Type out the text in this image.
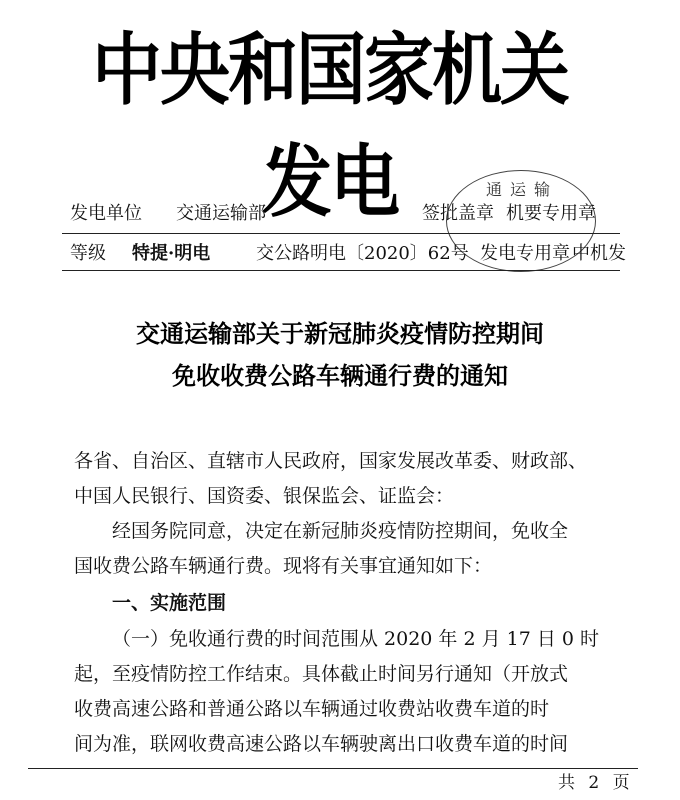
中央和国家机关发电	通运输
发电单位 交通运输部	签批盖章 机要专用章
等级 特提·明电	交公路明电〔2020〕62号 发电专用章 中机发
交通运输部关于新冠肺炎疫情防控期间
免收收费公路车辆通行费的通知
各省、自治区、直辖市人民政府，国家发展改革委、财政部、
中国人民银行、国资委、银保监会、证监会：
经国务院同意，决定在新冠肺炎疫情防控期间，免收全
国收费公路车辆通行费。现将有关事宜通知如下：
一、实施范围
（一）免收通行费的时间范围从 2020 年 2 月 17 日 0 时
起，至疫情防控工作结束。具体截止时间另行通知（开放式
收费高速公路和普通公路以车辆通过收费站收费车道的时
间为准，联网收费高速公路以车辆驶离出口收费车道的时间
共 2 页
